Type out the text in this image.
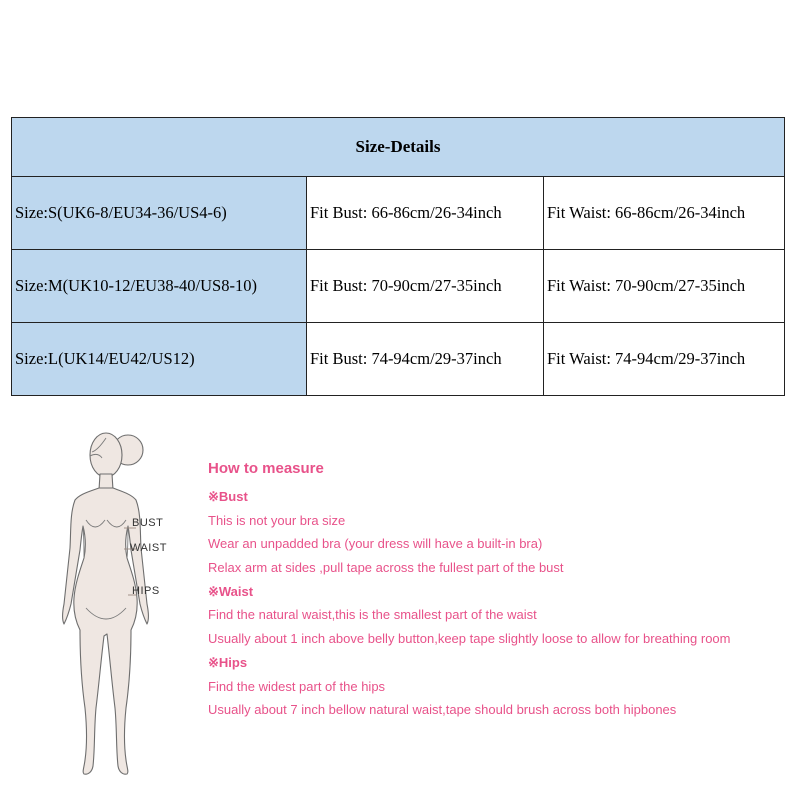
Size-Details		
Size:S(UK6-8/EU34-36/US4-6)	Fit Bust: 66-86cm/26-34inch	Fit Waist: 66-86cm/26-34inch
Size:M(UK10-12/EU38-40/US8-10)	Fit Bust: 70-90cm/27-35inch	Fit Waist: 70-90cm/27-35inch
Size:L(UK14/EU42/US12)	Fit Bust: 74-94cm/29-37inch	Fit Waist: 74-94cm/29-37inch
BUST
WAIST
HIPS
How to measure
※Bust
This is not your bra size
Wear an unpadded bra (your dress will have a built-in bra)
Relax arm at sides ,pull tape across the fullest part of the bust
※Waist
Find the natural waist,this is the smallest part of the waist
Usually about 1 inch above belly button,keep tape slightly loose to allow for breathing room
※Hips
Find the widest part of the hips
Usually about 7 inch bellow natural waist,tape should brush across both hipbones
